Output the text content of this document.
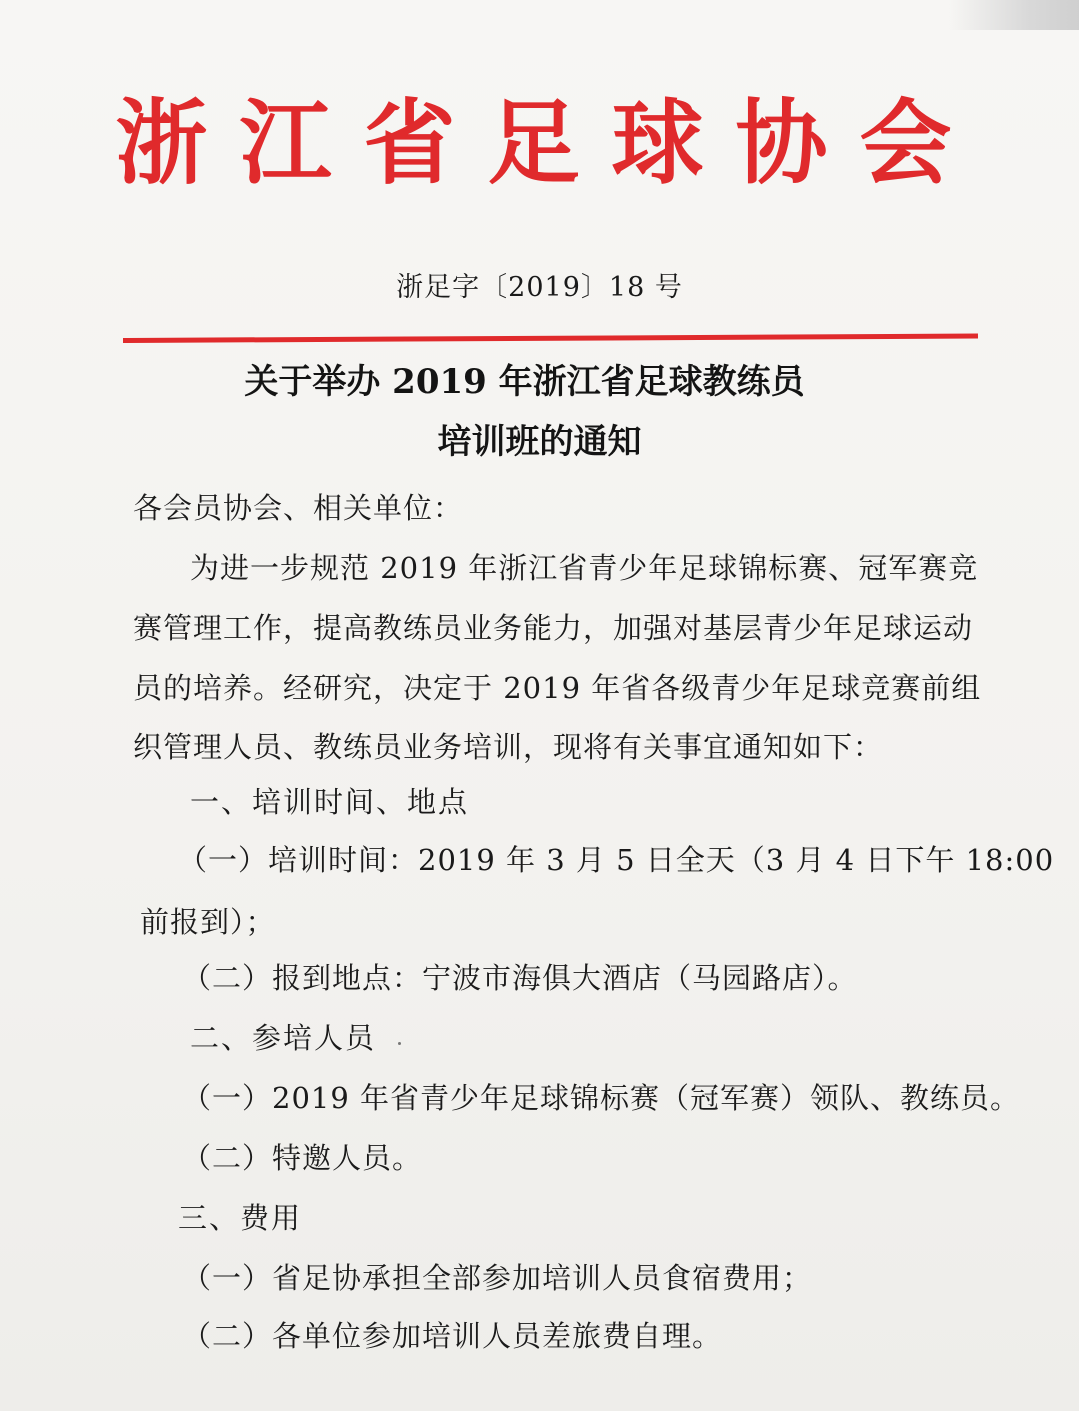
浙江省足球协会
浙足字〔2019〕18 号
关于举办 2019 年浙江省足球教练员
培训班的通知
各会员协会、相关单位：
为进一步规范 2019 年浙江省青少年足球锦标赛、冠军赛竞
赛管理工作，提高教练员业务能力，加强对基层青少年足球运动
员的培养。经研究，决定于 2019 年省各级青少年足球竞赛前组
织管理人员、教练员业务培训，现将有关事宜通知如下：
一、培训时间、地点
（一）培训时间：2019 年 3 月 5 日全天（3 月 4 日下午 18:00
前报到）；
（二）报到地点：宁波市海俱大酒店（马园路店）。
二、参培人员
（一）2019 年省青少年足球锦标赛（冠军赛）领队、教练员。
（二）特邀人员。
三、费用
（一）省足协承担全部参加培训人员食宿费用；
（二）各单位参加培训人员差旅费自理。
